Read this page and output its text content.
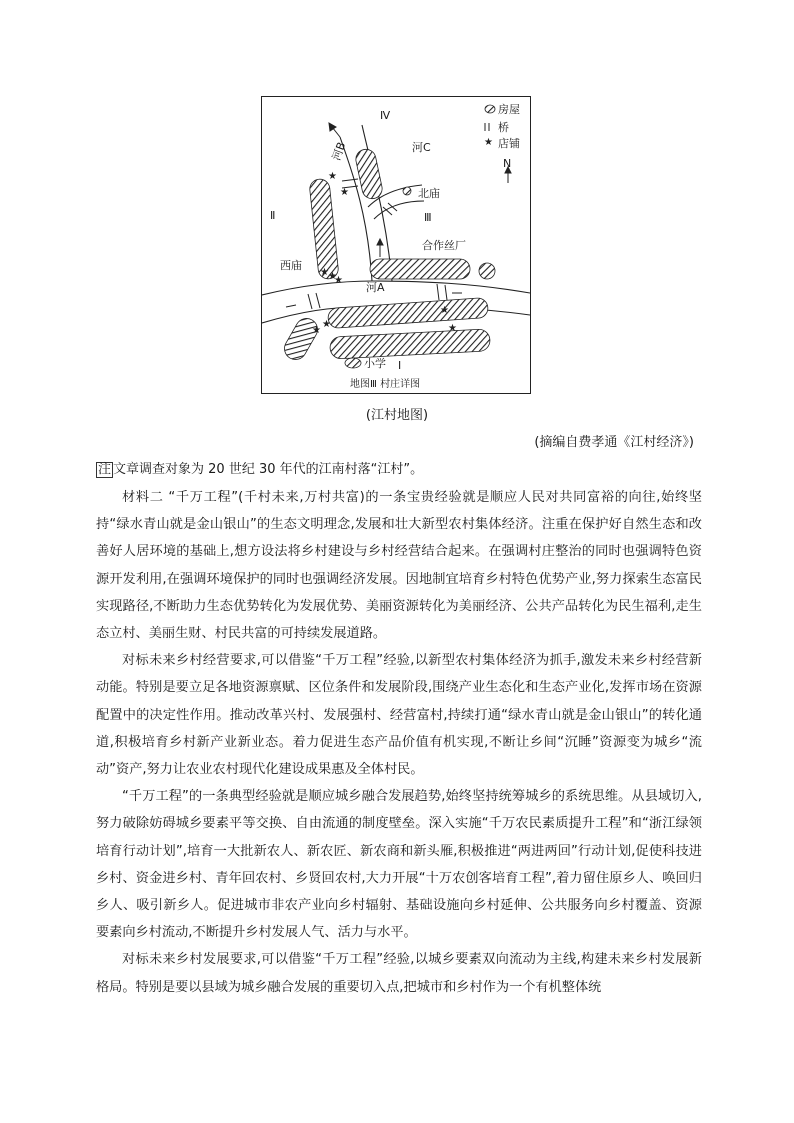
★
★
★ ★
★
★
★
★
★
★
Ⅳ
Ⅱ	Ⅲ
Ⅰ
河B	河C
河A
北庙
西庙
合作丝厂
小学
房屋
桥
店铺
N
地图Ⅲ 村庄详图
(江村地图)
(摘编自费孝通《江村经济》)
注 文章调查对象为 20 世纪 30 年代的江南村落“江村”。

材料二 “千万工程”(千村未来,万村共富)的一条宝贵经验就是顺应人民对共同富裕的向往,始终坚持“绿水青山就是金山银山”的生态文明理念,发展和壮大新型农村集体经济。注重在保护好自然生态和改善好人居环境的基础上,想方设法将乡村建设与乡村经营结合起来。在强调村庄整治的同时也强调特色资源开发利用,在强调环境保护的同时也强调经济发展。因地制宜培育乡村特色优势产业,努力探索生态富民实现路径,不断助力生态优势转化为发展优势、美丽资源转化为美丽经济、公共产品转化为民生福利,走生态立村、美丽生财、村民共富的可持续发展道路。

对标未来乡村经营要求,可以借鉴“千万工程”经验,以新型农村集体经济为抓手,激发未来乡村经营新动能。特别是要立足各地资源禀赋、区位条件和发展阶段,围绕产业生态化和生态产业化,发挥市场在资源配置中的决定性作用。推动改革兴村、发展强村、经营富村,持续打通“绿水青山就是金山银山”的转化通道,积极培育乡村新产业新业态。着力促进生态产品价值有机实现,不断让乡间“沉睡”资源变为城乡“流动”资产,努力让农业农村现代化建设成果惠及全体村民。

“千万工程”的一条典型经验就是顺应城乡融合发展趋势,始终坚持统筹城乡的系统思维。从县域切入,努力破除妨碍城乡要素平等交换、自由流通的制度壁垒。深入实施“千万农民素质提升工程”和“浙江绿领培育行动计划”,培育一大批新农人、新农匠、新农商和新头雁,积极推进“两进两回”行动计划,促使科技进乡村、资金进乡村、青年回农村、乡贤回农村,大力开展“十万农创客培育工程”,着力留住原乡人、唤回归乡人、吸引新乡人。促进城市非农产业向乡村辐射、基础设施向乡村延伸、公共服务向乡村覆盖、资源要素向乡村流动,不断提升乡村发展人气、活力与水平。

对标未来乡村发展要求,可以借鉴“千万工程”经验,以城乡要素双向流动为主线,构建未来乡村发展新格局。特别是要以县域为城乡融合发展的重要切入点,把城市和乡村作为一个有机整体统
